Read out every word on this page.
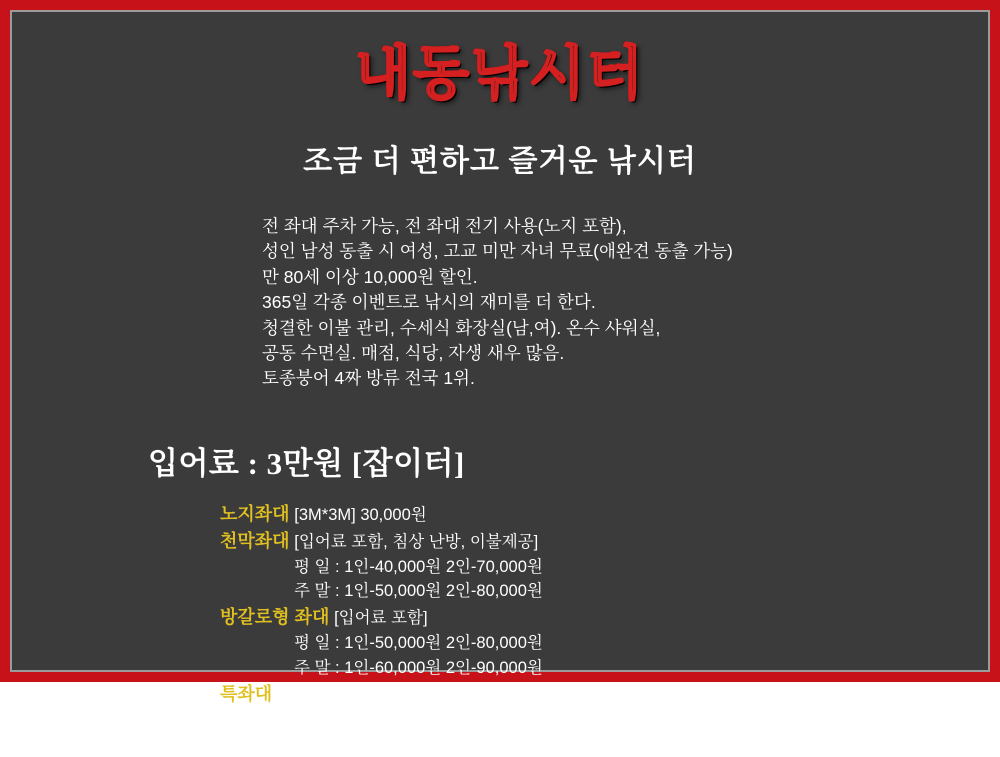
내동낚시터
조금 더 편하고 즐거운 낚시터
전 좌대 주차 가능, 전 좌대 전기 사용(노지 포함),
성인 남성 동출 시 여성, 고교 미만 자녀 무료(애완견 동출 가능)
만 80세 이상 10,000원 할인.
365일 각종 이벤트로 낚시의 재미를 더 한다.
청결한 이불 관리, 수세식 화장실(남,여). 온수 샤워실,
공동 수면실. 매점, 식당, 자생 새우 많음.
토종붕어 4짜 방류 전국 1위.
입어료 : 3만원 [잡이터]
노지좌대 [3M*3M] 30,000원
천막좌대 [입어료 포함, 침상 난방, 이불제공]
평 일 : 1인-40,000원 2인-70,000원
주 말 : 1인-50,000원 2인-80,000원
방갈로형 좌대 [입어료 포함]
평 일 : 1인-50,000원 2인-80,000원
주 말 : 1인-60,000원 2인-90,000원
특좌대 [입어료 포함]
평 일 : 1인 사용시-100,000원 2인 이상 - 120,000원
주 말 : 150,000원[인원제한 없음, 낚시대 편성 제한 없음]
